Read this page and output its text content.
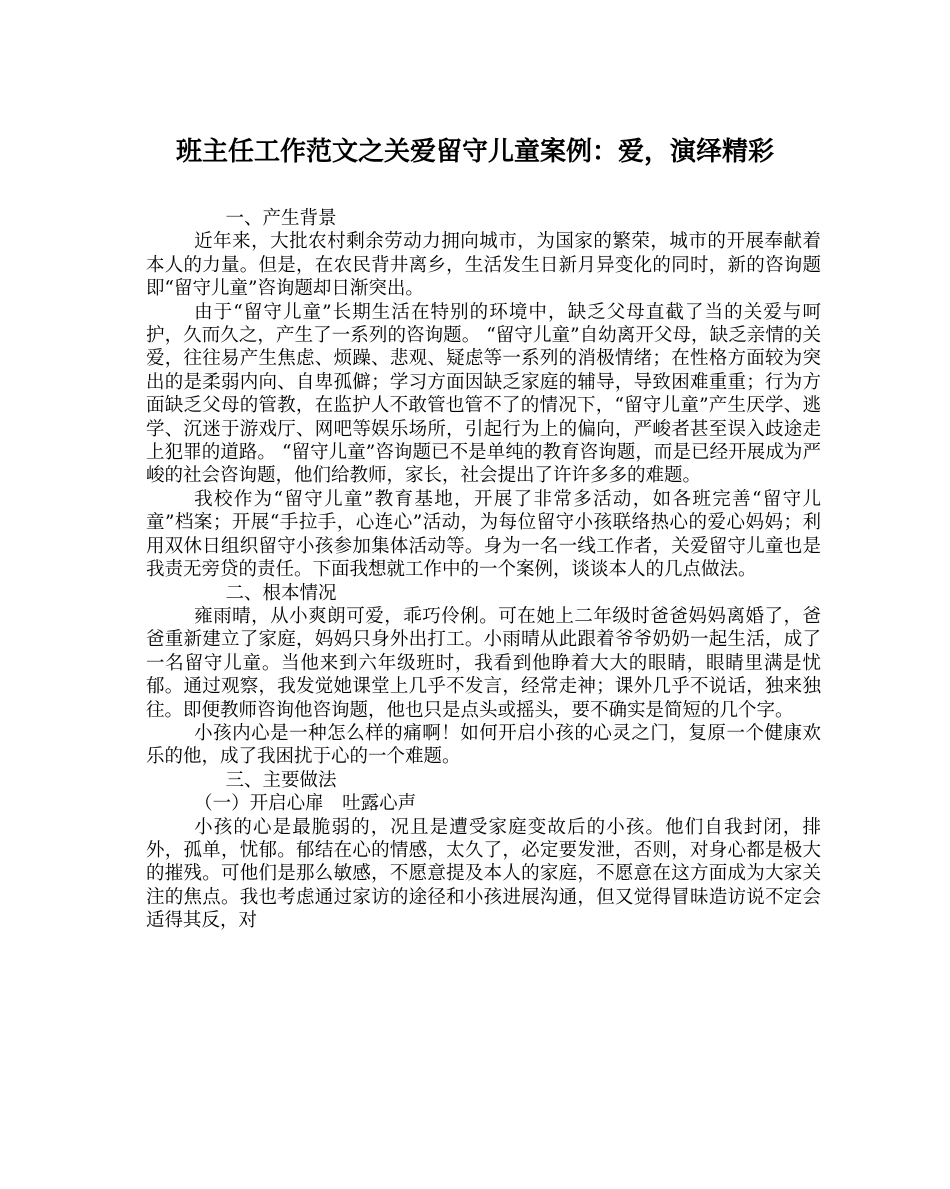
班主任工作范文之关爱留守儿童案例：爱，演绎精彩

一、产生背景

近年来，大批农村剩余劳动力拥向城市，为国家的繁荣，城市的开展奉献着本人的力量。但是，在农民背井离乡，生活发生日新月异变化的同时，新的咨询题即“留守儿童”咨询题却日渐突出。

由于“留守儿童”长期生活在特别的环境中，缺乏父母直截了当的关爱与呵护，久而久之，产生了一系列的咨询题。 “留守儿童”自幼离开父母，缺乏亲情的关爱，往往易产生焦虑、烦躁、悲观、疑虑等一系列的消极情绪；在性格方面较为突出的是柔弱内向、自卑孤僻；学习方面因缺乏家庭的辅导，导致困难重重；行为方面缺乏父母的管教，在监护人不敢管也管不了的情况下，“留守儿童”产生厌学、逃学、沉迷于游戏厅、网吧等娱乐场所，引起行为上的偏向，严峻者甚至误入歧途走上犯罪的道路。 “留守儿童”咨询题已不是单纯的教育咨询题，而是已经开展成为严峻的社会咨询题，他们给教师，家长，社会提出了许许多多的难题。

我校作为“留守儿童”教育基地，开展了非常多活动，如各班完善“留守儿童”档案；开展“手拉手，心连心”活动，为每位留守小孩联络热心的爱心妈妈；利用双休日组织留守小孩参加集体活动等。身为一名一线工作者，关爱留守儿童也是我责无旁贷的责任。下面我想就工作中的一个案例，谈谈本人的几点做法。

二、根本情况

雍雨晴，从小爽朗可爱，乖巧伶俐。可在她上二年级时爸爸妈妈离婚了，爸爸重新建立了家庭，妈妈只身外出打工。小雨晴从此跟着爷爷奶奶一起生活，成了一名留守儿童。当他来到六年级班时，我看到他睁着大大的眼睛，眼睛里满是忧郁。通过观察，我发觉她课堂上几乎不发言，经常走神；课外几乎不说话，独来独往。即便教师咨询他咨询题，他也只是点头或摇头，要不确实是简短的几个字。

小孩内心是一种怎么样的痛啊！如何开启小孩的心灵之门，复原一个健康欢乐的他，成了我困扰于心的一个难题。

三、主要做法

（一）开启心扉　吐露心声

小孩的心是最脆弱的，况且是遭受家庭变故后的小孩。他们自我封闭，排外，孤单，忧郁。郁结在心的情感，太久了，必定要发泄，否则，对身心都是极大的摧残。可他们是那么敏感，不愿意提及本人的家庭，不愿意在这方面成为大家关注的焦点。我也考虑通过家访的途径和小孩进展沟通，但又觉得冒昧造访说不定会适得其反，对
